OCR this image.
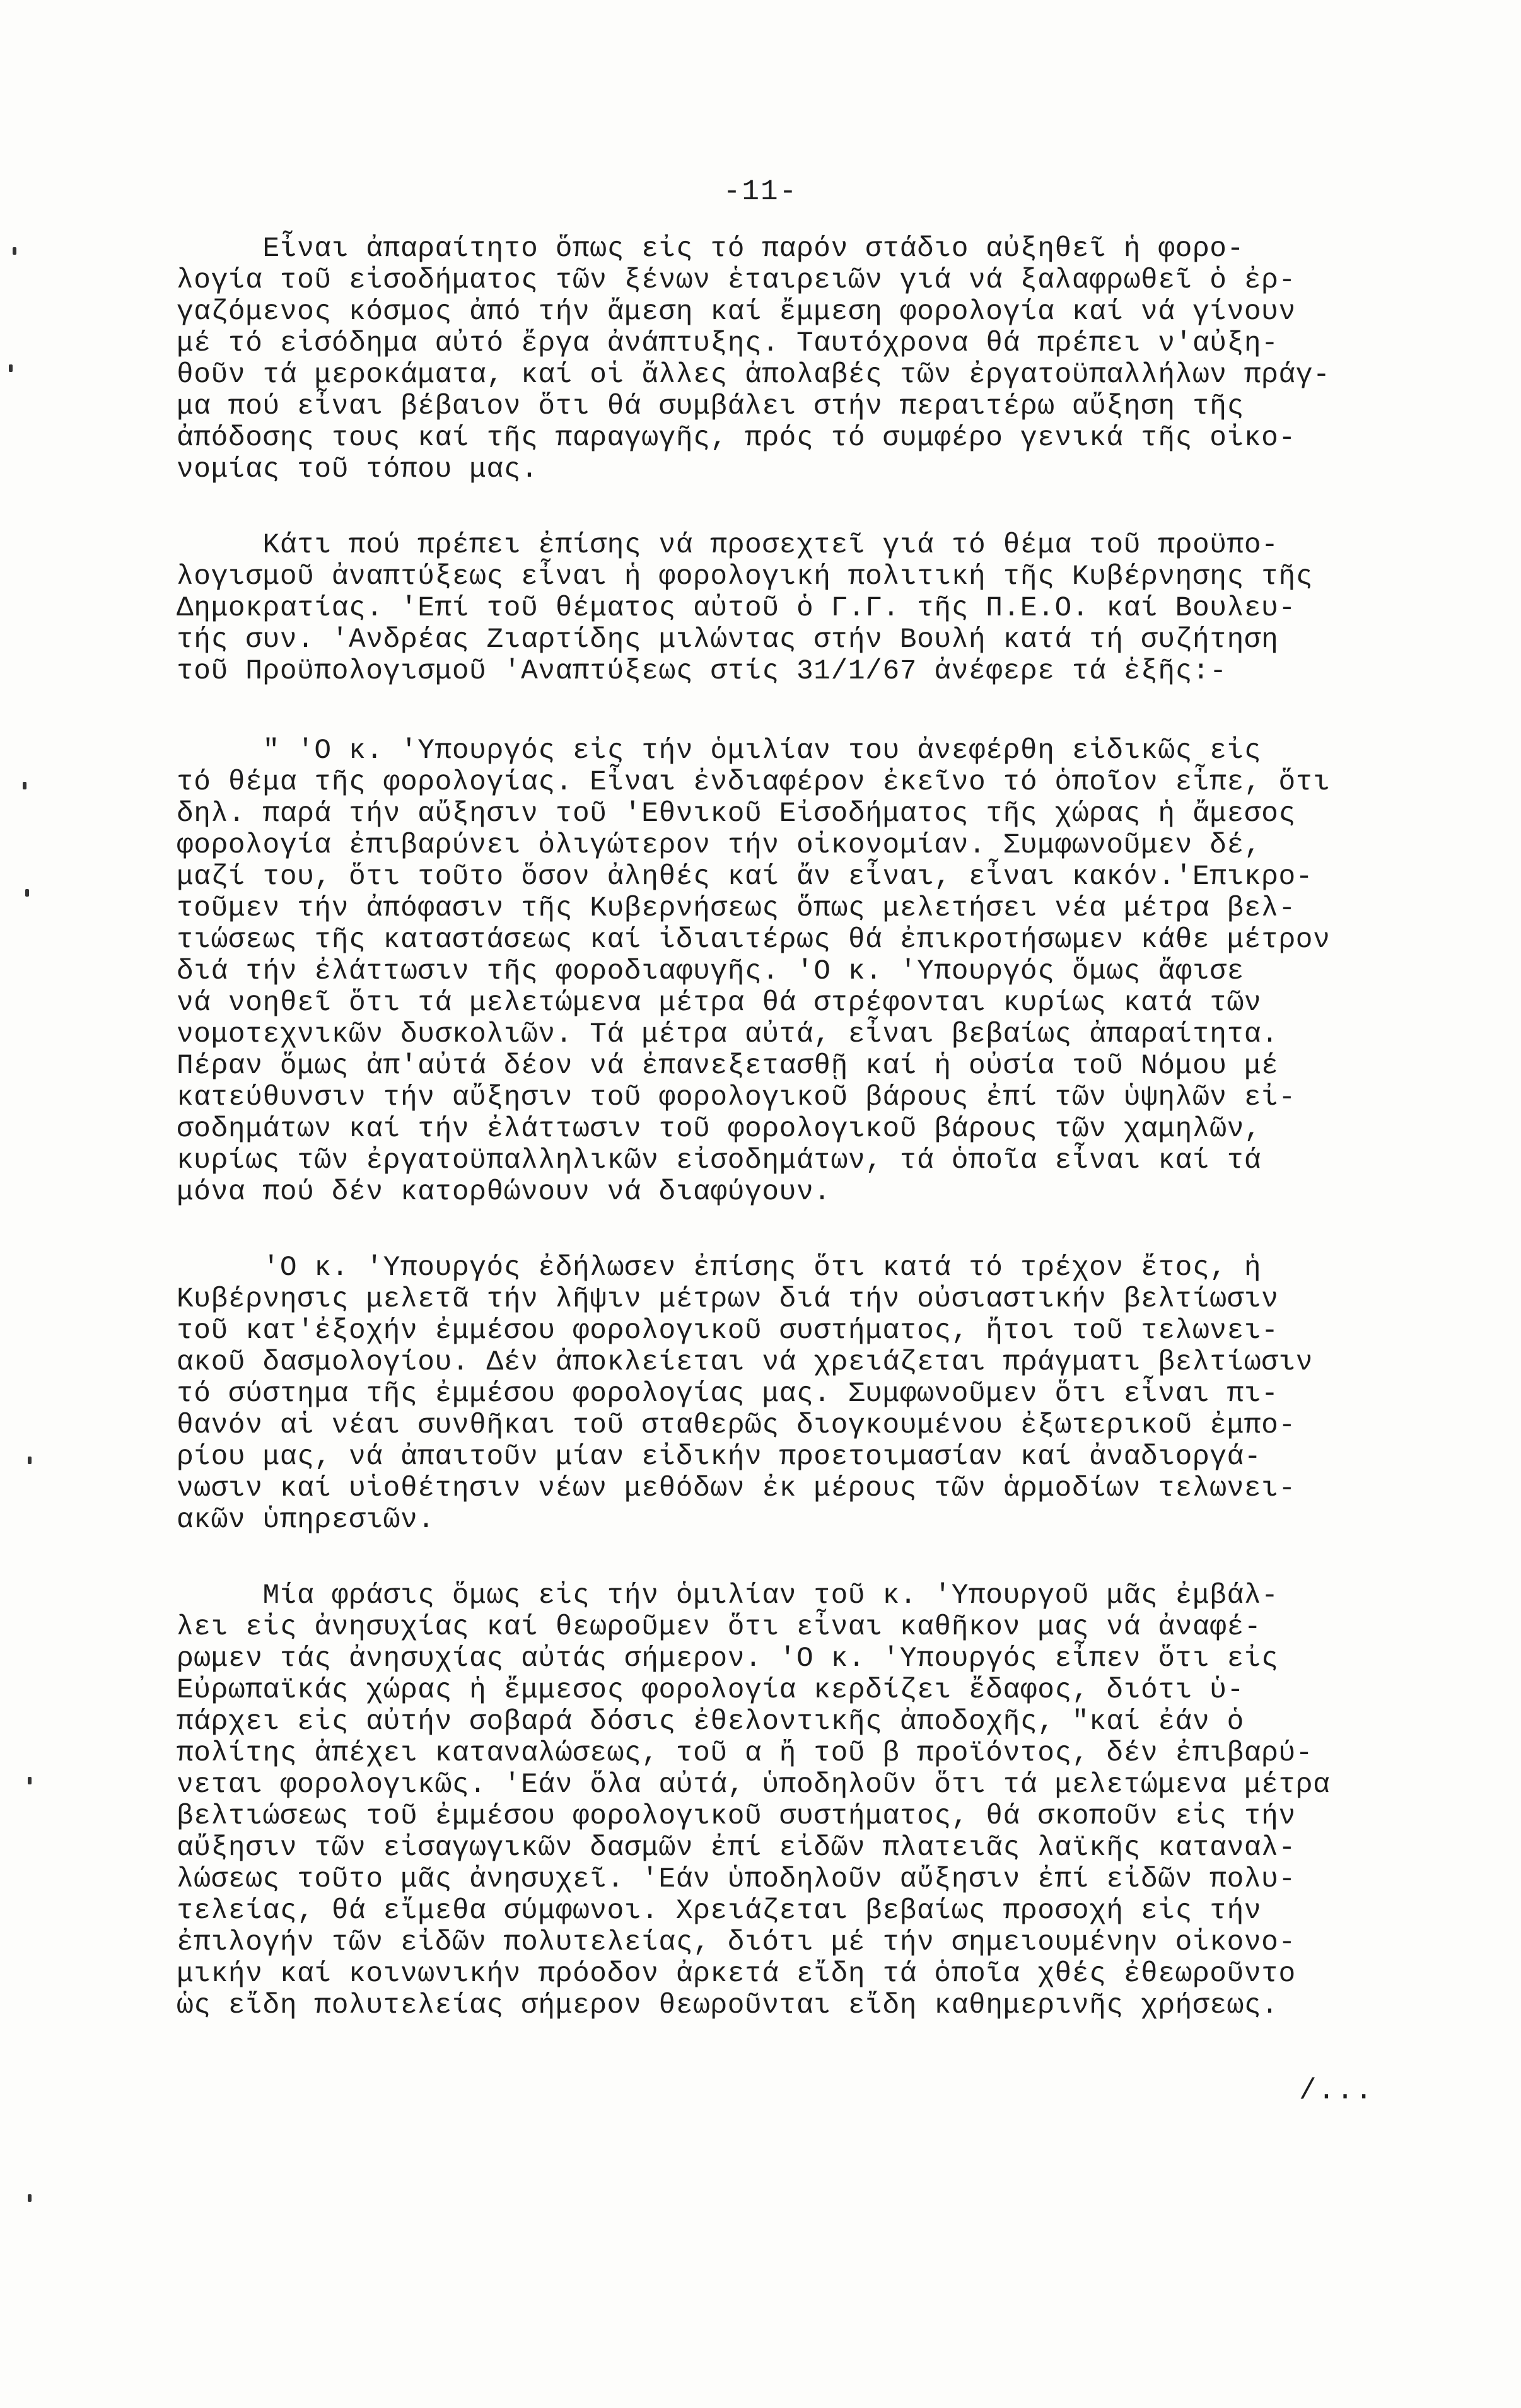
-11-
Εἶναι ἀπαραίτητο ὅπως εἰς τό παρόν στάδιο αὐξηθεῖ ἡ φορο-
λογία τοῦ εἰσοδήματος τῶν ξένων ἑταιρειῶν γιά νά ξαλαφρωθεῖ ὁ ἐρ-
γαζόμενος κόσμος ἀπό τήν ἄμεση καί ἔμμεση φορολογία καί νά γίνουν
μέ τό εἰσόδημα αὐτό ἔργα ἀνάπτυξης. Ταυτόχρονα θά πρέπει ν'αὐξη-
θοῦν τά μεροκάματα, καί οἱ ἄλλες ἀπολαβές τῶν ἐργατοϋπαλλήλων πράγ-
μα πού εἶναι βέβαιον ὅτι θά συμβάλει στήν περαιτέρω αὔξηση τῆς
ἀπόδοσης τους καί τῆς παραγωγῆς, πρός τό συμφέρο γενικά τῆς οἰκο-
νομίας τοῦ τόπου μας.
Κάτι πού πρέπει ἐπίσης νά προσεχτεῖ γιά τό θέμα τοῦ προϋπο-
λογισμοῦ ἀναπτύξεως εἶναι ἡ φορολογική πολιτική τῆς Κυβέρνησης τῆς
Δημοκρατίας. 'Επί τοῦ θέματος αὐτοῦ ὁ Γ.Γ. τῆς Π.Ε.Ο. καί Βουλευ-
τής συν. 'Ανδρέας Ζιαρτίδης μιλώντας στήν Βουλή κατά τή συζήτηση
τοῦ Προϋπολογισμοῦ 'Αναπτύξεως στίς 31/1/67 ἀνέφερε τά ἑξῆς:-
" 'Ο κ. 'Υπουργός εἰς τήν ὁμιλίαν του ἀνεφέρθη εἰδικῶς εἰς
τό θέμα τῆς φορολογίας. Εἶναι ἐνδιαφέρον ἐκεῖνο τό ὁποῖον εἶπε, ὅτι
δηλ. παρά τήν αὔξησιν τοῦ 'Εθνικοῦ Εἰσοδήματος τῆς χώρας ἡ ἄμεσος
φορολογία ἐπιβαρύνει ὀλιγώτερον τήν οἰκονομίαν. Συμφωνοῦμεν δέ,
μαζί του, ὅτι τοῦτο ὅσον ἀληθές καί ἄν εἶναι, εἶναι κακόν.'Επικρο-
τοῦμεν τήν ἀπόφασιν τῆς Κυβερνήσεως ὅπως μελετήσει νέα μέτρα βελ-
τιώσεως τῆς καταστάσεως καί ἰδιαιτέρως θά ἐπικροτήσωμεν κάθε μέτρον
διά τήν ἐλάττωσιν τῆς φοροδιαφυγῆς. 'Ο κ. 'Υπουργός ὅμως ἄφισε
νά νοηθεῖ ὅτι τά μελετώμενα μέτρα θά στρέφονται κυρίως κατά τῶν
νομοτεχνικῶν δυσκολιῶν. Τά μέτρα αὐτά, εἶναι βεβαίως ἀπαραίτητα.
Πέραν ὅμως ἀπ'αὐτά δέον νά ἐπανεξετασθῇ καί ἡ οὐσία τοῦ Νόμου μέ
κατεύθυνσιν τήν αὔξησιν τοῦ φορολογικοῦ βάρους ἐπί τῶν ὑψηλῶν εἰ-
σοδημάτων καί τήν ἐλάττωσιν τοῦ φορολογικοῦ βάρους τῶν χαμηλῶν,
κυρίως τῶν ἐργατοϋπαλληλικῶν εἰσοδημάτων, τά ὁποῖα εἶναι καί τά
μόνα πού δέν κατορθώνουν νά διαφύγουν.
'Ο κ. 'Υπουργός ἐδήλωσεν ἐπίσης ὅτι κατά τό τρέχον ἔτος, ἡ
Κυβέρνησις μελετᾶ τήν λῆψιν μέτρων διά τήν οὐσιαστικήν βελτίωσιν
τοῦ κατ'ἐξοχήν ἐμμέσου φορολογικοῦ συστήματος, ἤτοι τοῦ τελωνει-
ακοῦ δασμολογίου. Δέν ἀποκλείεται νά χρειάζεται πράγματι βελτίωσιν
τό σύστημα τῆς ἐμμέσου φορολογίας μας. Συμφωνοῦμεν ὅτι εἶναι πι-
θανόν αἱ νέαι συνθῆκαι τοῦ σταθερῶς διογκουμένου ἐξωτερικοῦ ἐμπο-
ρίου μας, νά ἀπαιτοῦν μίαν εἰδικήν προετοιμασίαν καί ἀναδιοργά-
νωσιν καί υἱοθέτησιν νέων μεθόδων ἐκ μέρους τῶν ἁρμοδίων τελωνει-
ακῶν ὑπηρεσιῶν.
Μία φράσις ὅμως εἰς τήν ὁμιλίαν τοῦ κ. 'Υπουργοῦ μᾶς ἐμβάλ-
λει εἰς ἀνησυχίας καί θεωροῦμεν ὅτι εἶναι καθῆκον μας νά ἀναφέ-
ρωμεν τάς ἀνησυχίας αὐτάς σήμερον. 'Ο κ. 'Υπουργός εἶπεν ὅτι εἰς
Εὐρωπαϊκάς χώρας ἡ ἔμμεσος φορολογία κερδίζει ἔδαφος, διότι ὑ-
πάρχει εἰς αὐτήν σοβαρά δόσις ἐθελοντικῆς ἀποδοχῆς, "καί ἐάν ὁ
πολίτης ἀπέχει καταναλώσεως, τοῦ α ἤ τοῦ β προϊόντος, δέν ἐπιβαρύ-
νεται φορολογικῶς. 'Εάν ὅλα αὐτά, ὑποδηλοῦν ὅτι τά μελετώμενα μέτρα
βελτιώσεως τοῦ ἐμμέσου φορολογικοῦ συστήματος, θά σκοποῦν εἰς τήν
αὔξησιν τῶν εἰσαγωγικῶν δασμῶν ἐπί εἰδῶν πλατειᾶς λαϊκῆς καταναλ-
λώσεως τοῦτο μᾶς ἀνησυχεῖ. 'Εάν ὑποδηλοῦν αὔξησιν ἐπί εἰδῶν πολυ-
τελείας, θά εἴμεθα σύμφωνοι. Χρειάζεται βεβαίως προσοχή εἰς τήν
ἐπιλογήν τῶν εἰδῶν πολυτελείας, διότι μέ τήν σημειουμένην οἰκονο-
μικήν καί κοινωνικήν πρόοδον ἀρκετά εἴδη τά ὁποῖα χθές ἐθεωροῦντο
ὡς εἴδη πολυτελείας σήμερον θεωροῦνται εἴδη καθημερινῆς χρήσεως.
/...
